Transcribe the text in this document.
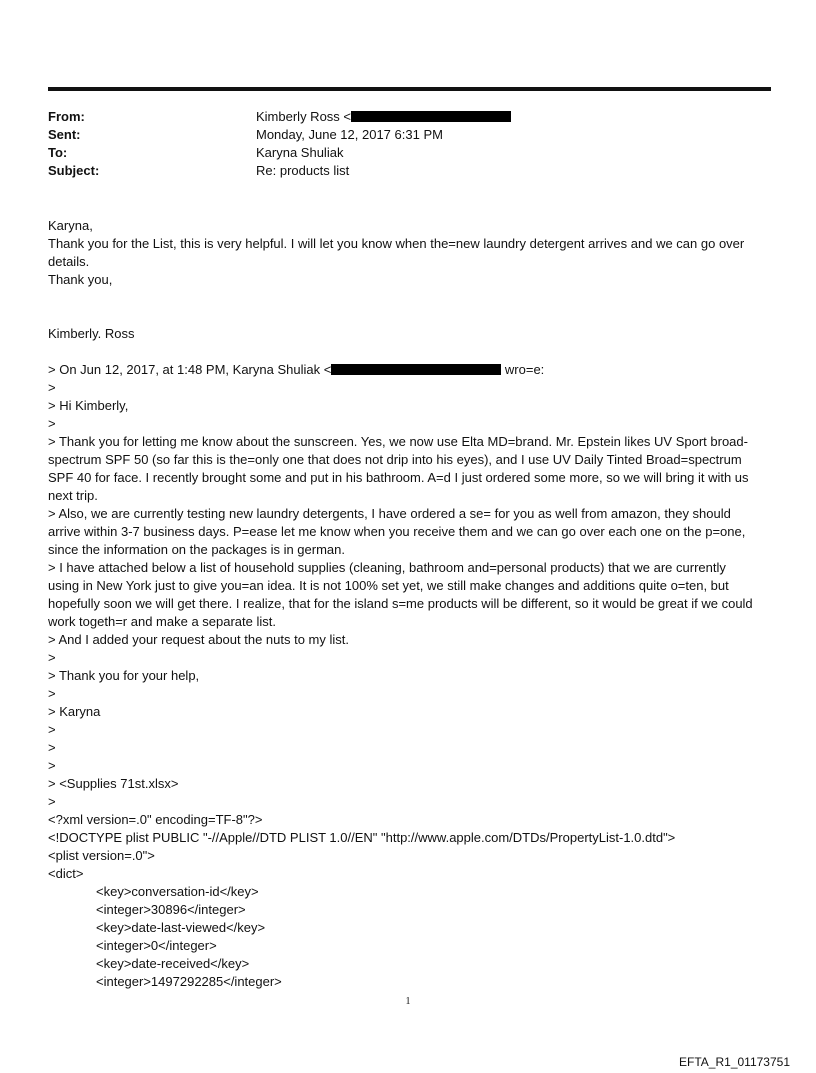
From:	Kimberly Ross <
Sent:	Monday, June 12, 2017 6:31 PM
To:	Karyna Shuliak
Subject:	Re: products list

Karyna,

Thank you for the List, this is very helpful. I will let you know when the=new laundry detergent arrives and we can go over details.

Thank you,

Kimberly. Ross

> On Jun 12, 2017, at 1:48 PM, Karyna Shuliak <	wro=e:

>

> Hi Kimberly,

>

> Thank you for letting me know about the sunscreen. Yes, we now use Elta MD=brand. Mr. Epstein likes UV Sport broad-spectrum SPF 50 (so far this is the=only one that does not drip into his eyes), and I use UV Daily Tinted Broad=spectrum SPF 40 for face. I recently brought some and put in his bathroom. A=d I just ordered some more, so we will bring it with us next trip.

> Also, we are currently testing new laundry detergents, I have ordered a se= for you as well from amazon, they should arrive within 3-7 business days. P=ease let me know when you receive them and we can go over each one on the p=one, since the information on the packages is in german.

> I have attached below a list of household supplies (cleaning, bathroom and=personal products) that we are currently using in New York just to give you=an idea. It is not 100% set yet, we still make changes and additions quite o=ten, but hopefully soon we will get there. I realize, that for the island s=me products will be different, so it would be great if we could work togeth=r and make a separate list.

> And I added your request about the nuts to my list.

>

> Thank you for your help,

>

> Karyna

>

>

>

> <Supplies 71st.xlsx>

>

<?xml version=.0" encoding=TF-8"?>

<!DOCTYPE plist PUBLIC "-//Apple//DTD PLIST 1.0//EN" "http://www.apple.com/DTDs/PropertyList-1.0.dtd">

<plist version=.0">

<dict>

<key>conversation-id</key>

<integer>30896</integer>

<key>date-last-viewed</key>

<integer>0</integer>

<key>date-received</key>

<integer>1497292285</integer>

1
EFTA_R1_01173751
